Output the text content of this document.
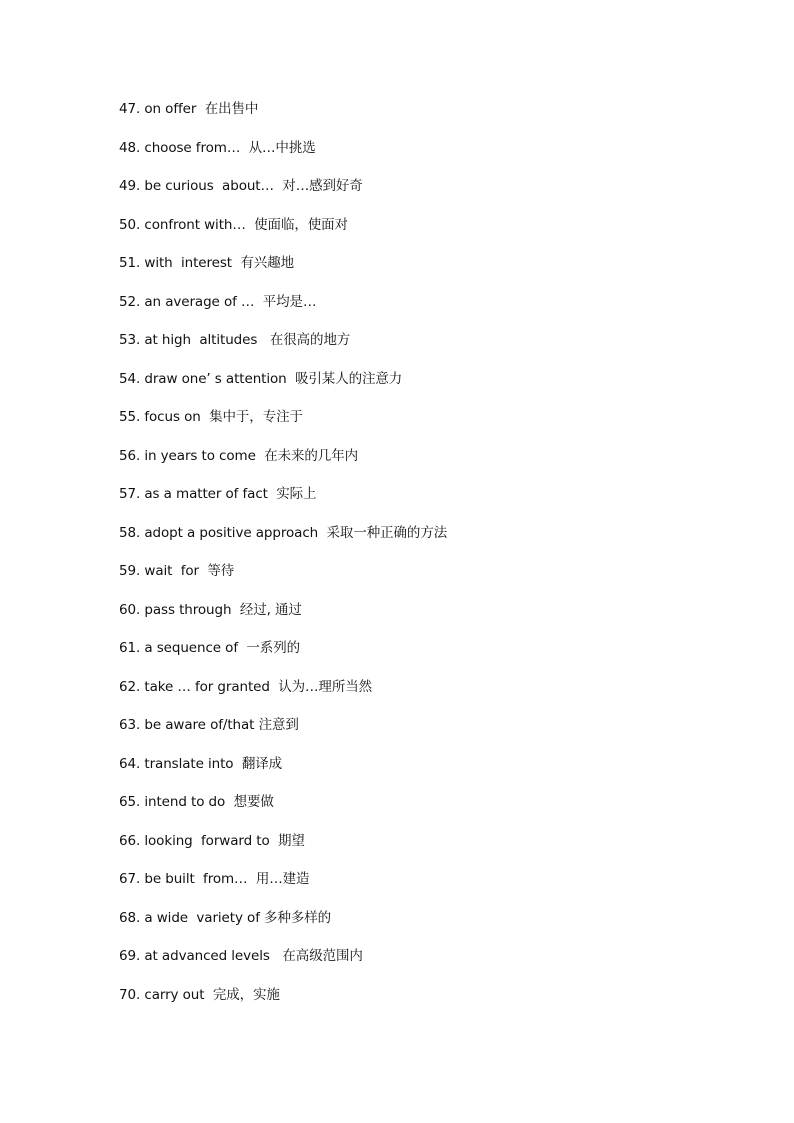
47. on offer 在出售中
48. choose from… 从…中挑选
49. be curious  about… 对…感到好奇
50. confront with… 使面临，使面对
51. with  interest 有兴趣地
52. an average of … 平均是…
53. at high  altitudes 在很高的地方
54. draw one’ s attention 吸引某人的注意力
55. focus on 集中于，专注于
56. in years to come 在未来的几年内
57. as a matter of fact 实际上
58. adopt a positive approach 采取一种正确的方法
59. wait  for 等待
60. pass through 经过, 通过
61. a sequence of 一系列的
62. take … for granted 认为…理所当然
63. be aware of/that 注意到
64. translate into 翻译成
65. intend to do 想要做
66. looking  forward to 期望
67. be built  from… 用…建造
68. a wide  variety of 多种多样的
69. at advanced levels 在高级范围内
70. carry out 完成，实施
